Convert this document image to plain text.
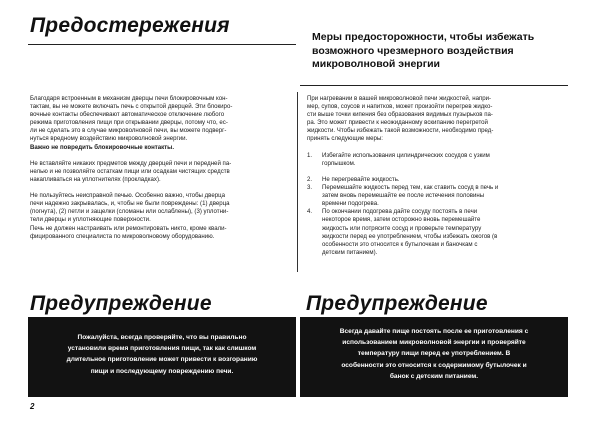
Предостережения	Меры предосторожности, чтобы избежать
возможного чрезмерного воздействия
микроволновой энергии
Благодаря встроенным в механизм дверцы печи блокировочным кон-
тактам, вы не можете включать печь с открытой дверцей. Эти блокиро-
вочные контакты обеспечивают автоматическое отключение любого
режима приготовления пищи при открывании дверцы, потому что, ес-
ли не сделать это в случае микроволновой печи, вы можете подверг-
нуться вредному воздействию микроволновой энергии.
Важно не повредить блокировочные контакты.
Не вставляйте никаких предметов между дверцей печи и передней па-
нелью и не позволяйте остаткам пищи или осадкам чистящих средств
накапливаться на уплотнителях (прокладках).
Не пользуйтесь неисправной печью. Особенно важно, чтобы дверца
печи надежно закрывалась, и, чтобы не были повреждены: (1) дверца
(погнута), (2) петли и защелки (сломаны или ослаблены), (3) уплотни-
тели дверцы и уплотняющие поверхности.
Печь не должен настраивать или ремонтировать никто, кроме квали-
фицированного специалиста по микроволновому оборудованию.
При нагревании в вашей микроволновой печи жидкостей, напри-
мер, супов, соусов и напитков, может произойти перегрев жидко-
сти выше точки кипения без образования видимых пузырьков па-
ра. Это может привести к неожиданному вскипанию перегретой
жидкости. Чтобы избежать такой возможности, необходимо пред-
принять следующие меры:
1. Избегайте использования цилиндрических сосудов с узким
горлышком.
2. Не перегревайте жидкость.
3. Перемешайте жидкость перед тем, как ставить сосуд в печь и
затем вновь перемешайте ее после истечения половины
времени подогрева.
4. По окончании подогрева дайте сосуду постоять в печи
некоторое время, затем осторожно вновь перемешайте
жидкость или потрясите сосуд и проверьте температуру
жидкости перед ее употреблением, чтобы избежать ожогов (в
особенности это относится к бутылочкам и баночкам с
детским питанием).
Предупреждение
Пожалуйста, всегда проверяйте, что вы правильно
установили время приготовления пищи, так как слишком
длительное приготовление может привести к возгоранию
пищи и последующему повреждению печи.
Предупреждение
Всегда давайте пище постоять после ее приготовления с
использованием микроволновой энергии и проверяйте
температуру пищи перед ее употреблением. В
особенности это относится к содержимому бутылочек и
банок с детским питанием.
2
